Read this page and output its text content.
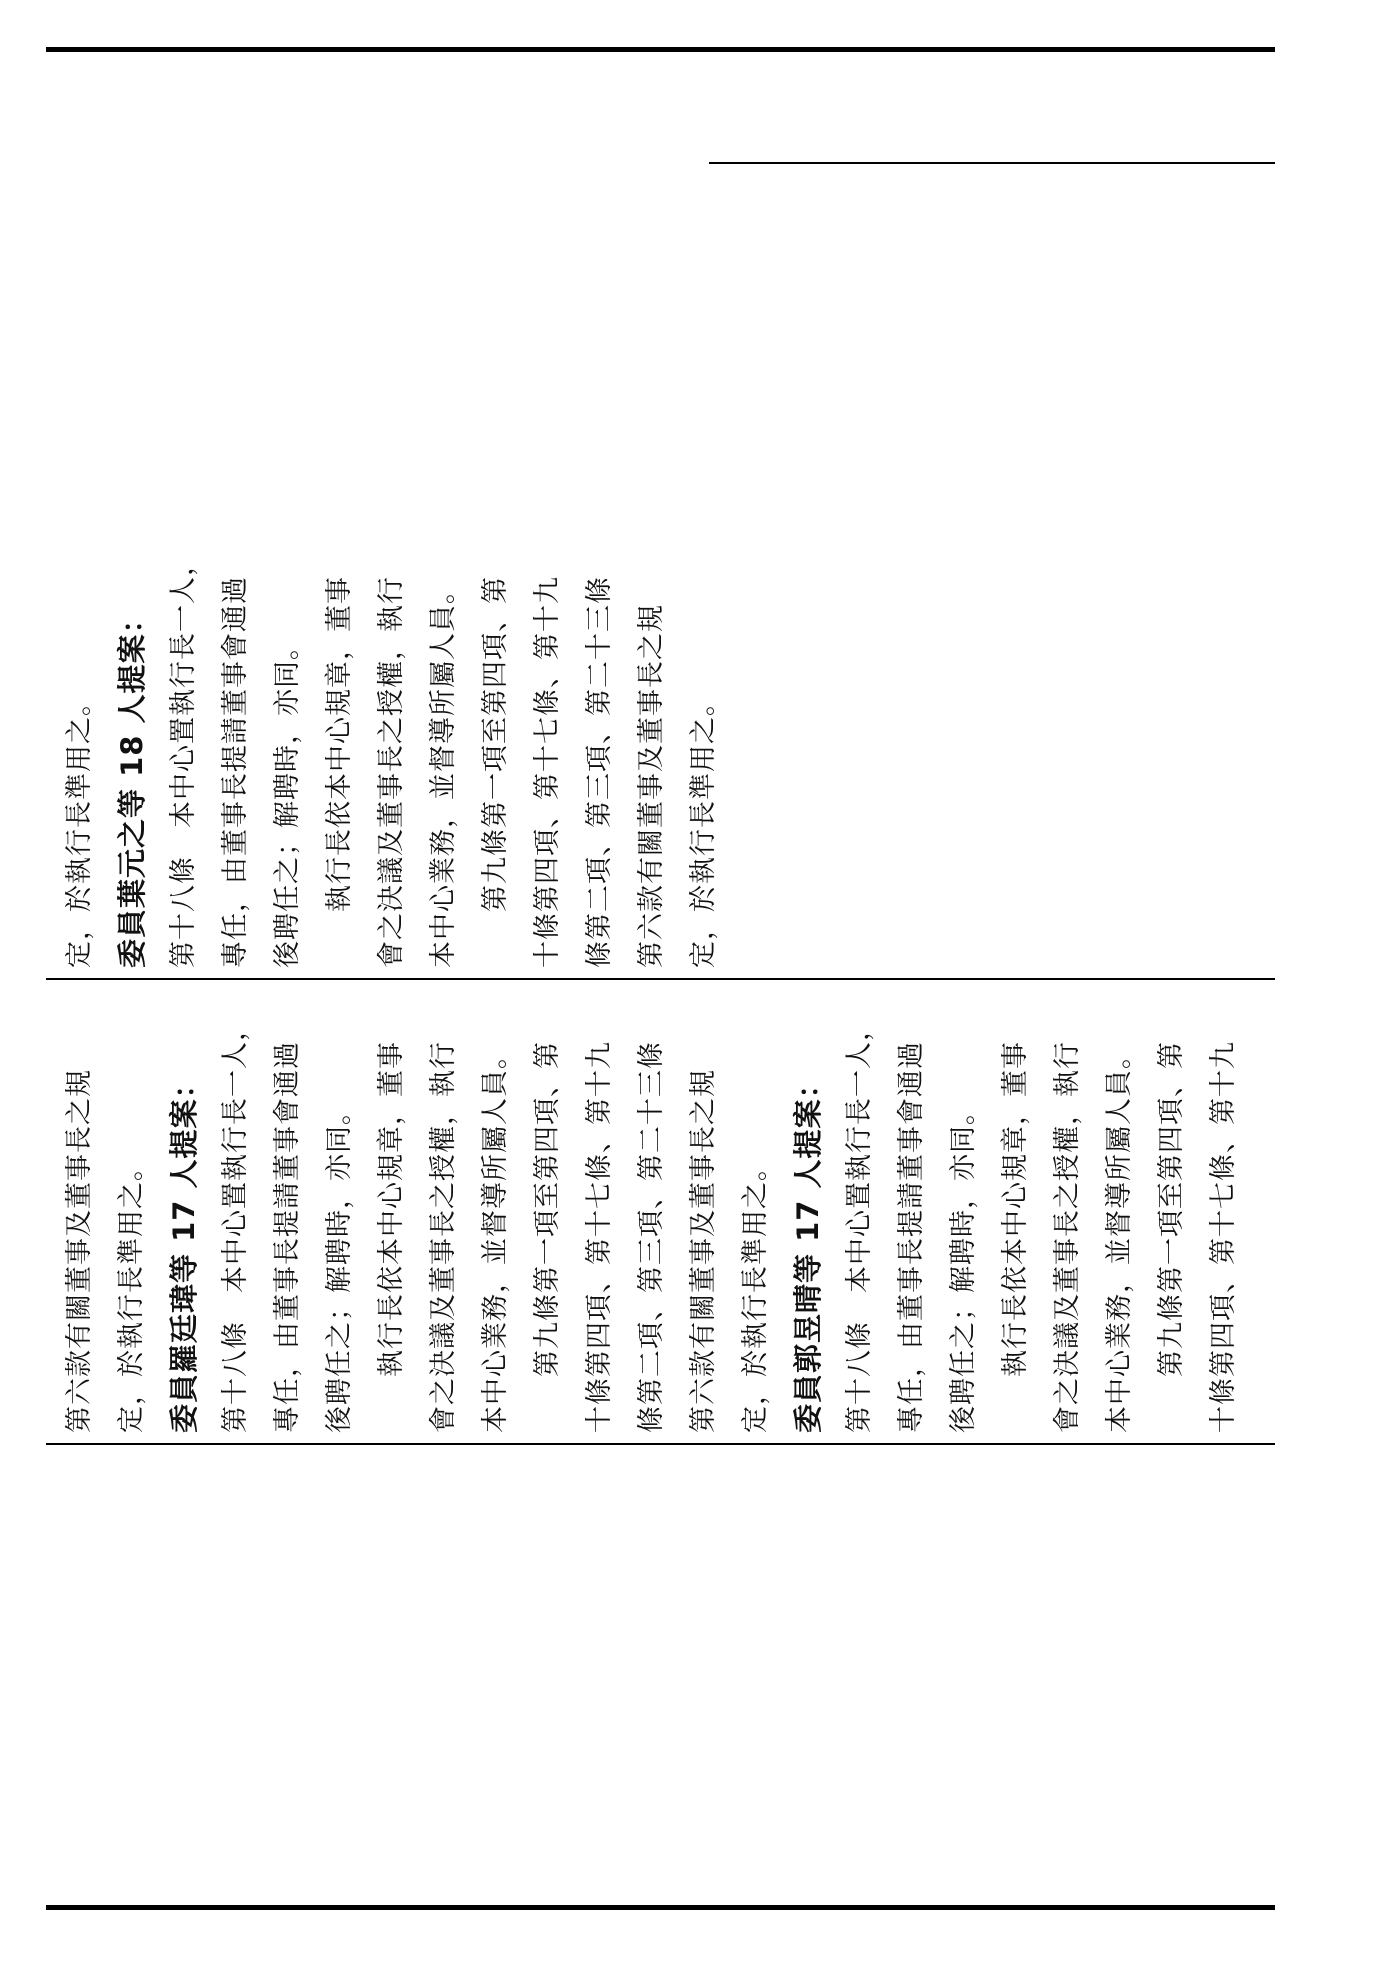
定，於執行長準用之。 委員葉元之等 18 人提案： 第十八條　本中心置執行長一人， 專任，由董事長提請董事會通過 後聘任之；解聘時，亦同。 　　執行長依本中心規章，董事 會之決議及董事長之授權，執行 本中心業務，並督導所屬人員。 　　第九條第一項至第四項、第 十條第四項、第十七條、第十九 條第二項、第三項、第二十三條 第六款有關董事及董事長之規 定，於執行長準用之。
第六款有關董事及董事長之規 定，於執行長準用之。 委員羅廷瑋等 17 人提案： 第十八條　本中心置執行長一人， 專任，由董事長提請董事會通過 後聘任之；解聘時，亦同。 　　執行長依本中心規章，董事 會之決議及董事長之授權，執行 本中心業務，並督導所屬人員。 　　第九條第一項至第四項、第 十條第四項、第十七條、第十九 條第二項、第三項、第二十三條 第六款有關董事及董事長之規 定，於執行長準用之。 委員郭昱晴等 17 人提案： 第十八條　本中心置執行長一人， 專任，由董事長提請董事會通過 後聘任之；解聘時，亦同。 　　執行長依本中心規章，董事 會之決議及董事長之授權，執行 本中心業務，並督導所屬人員。 　　第九條第一項至第四項、第 十條第四項、第十七條、第十九
